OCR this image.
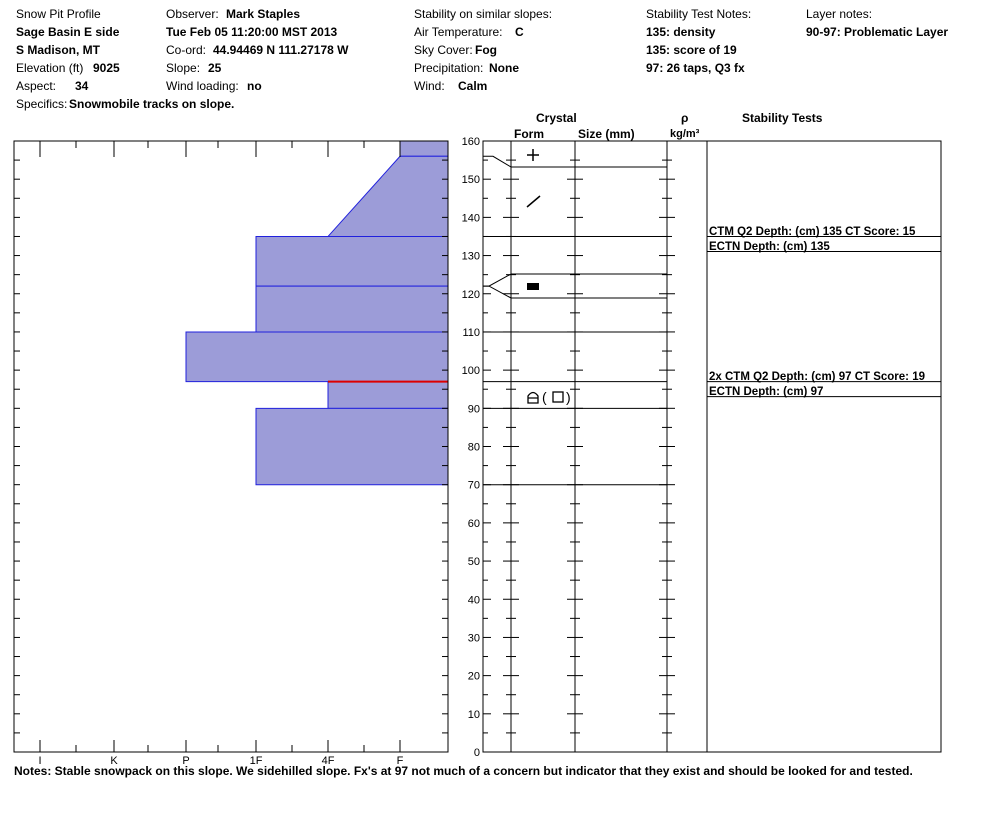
Snow Pit Profile
Sage Basin E side
S Madison, MT
Elevation (ft) 9025
Aspect: 34
Specifics: Snowmobile tracks on slope.
Observer: Mark Staples
Tue Feb 05 11:20:00 MST 2013
Co-ord: 44.94469 N 111.27178 W
Slope: 25
Wind loading: no
Stability on similar slopes:
Air Temperature: C
Sky Cover: Fog
Precipitation: None
Wind: Calm
Stability Test Notes:
135: density
135: score of 19
97: 26 taps, Q3 fx
Layer notes:
90-97: Problematic Layer
Crystal
Form	Size (mm)
ρ
kg/m³
Stability Tests
I	K	P	1F	4F	F
0
10
20
30
40
50
60
70
80
90
100
110
120
130
140
150
160
( )
CTM Q2 Depth: (cm) 135 CT Score: 15
ECTN Depth: (cm) 135
2x CTM Q2 Depth: (cm) 97 CT Score: 19
ECTN Depth: (cm) 97
Notes: Stable snowpack on this slope. We sidehilled slope. Fx's at 97 not much of a concern but indicator that they exist and should be looked for and tested.
